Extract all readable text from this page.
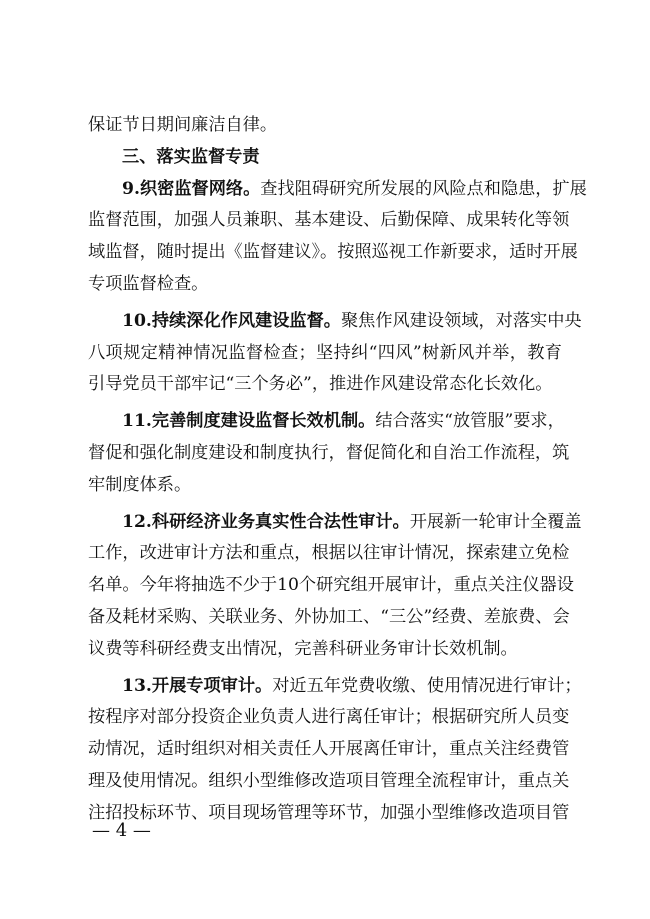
保证节日期间廉洁自律。
三、落实监督专责
9.织密监督网络。查找阻碍研究所发展的风险点和隐患，扩展
监督范围，加强人员兼职、基本建设、后勤保障、成果转化等领
域监督，随时提出《监督建议》。按照巡视工作新要求，适时开展
专项监督检查。
10.持续深化作风建设监督。聚焦作风建设领域，对落实中央
八项规定精神情况监督检查；坚持纠“四风”树新风并举，教育
引导党员干部牢记“三个务必”，推进作风建设常态化长效化。
11.完善制度建设监督长效机制。结合落实“放管服”要求，
督促和强化制度建设和制度执行，督促简化和自治工作流程，筑
牢制度体系。
12.科研经济业务真实性合法性审计。开展新一轮审计全覆盖
工作，改进审计方法和重点，根据以往审计情况，探索建立免检
名单。今年将抽选不少于10个研究组开展审计，重点关注仪器设
备及耗材采购、关联业务、外协加工、“三公”经费、差旅费、会
议费等科研经费支出情况，完善科研业务审计长效机制。
13.开展专项审计。对近五年党费收缴、使用情况进行审计；
按程序对部分投资企业负责人进行离任审计；根据研究所人员变
动情况，适时组织对相关责任人开展离任审计，重点关注经费管
理及使用情况。组织小型维修改造项目管理全流程审计，重点关
注招投标环节、项目现场管理等环节，加强小型维修改造项目管
— 4 —
